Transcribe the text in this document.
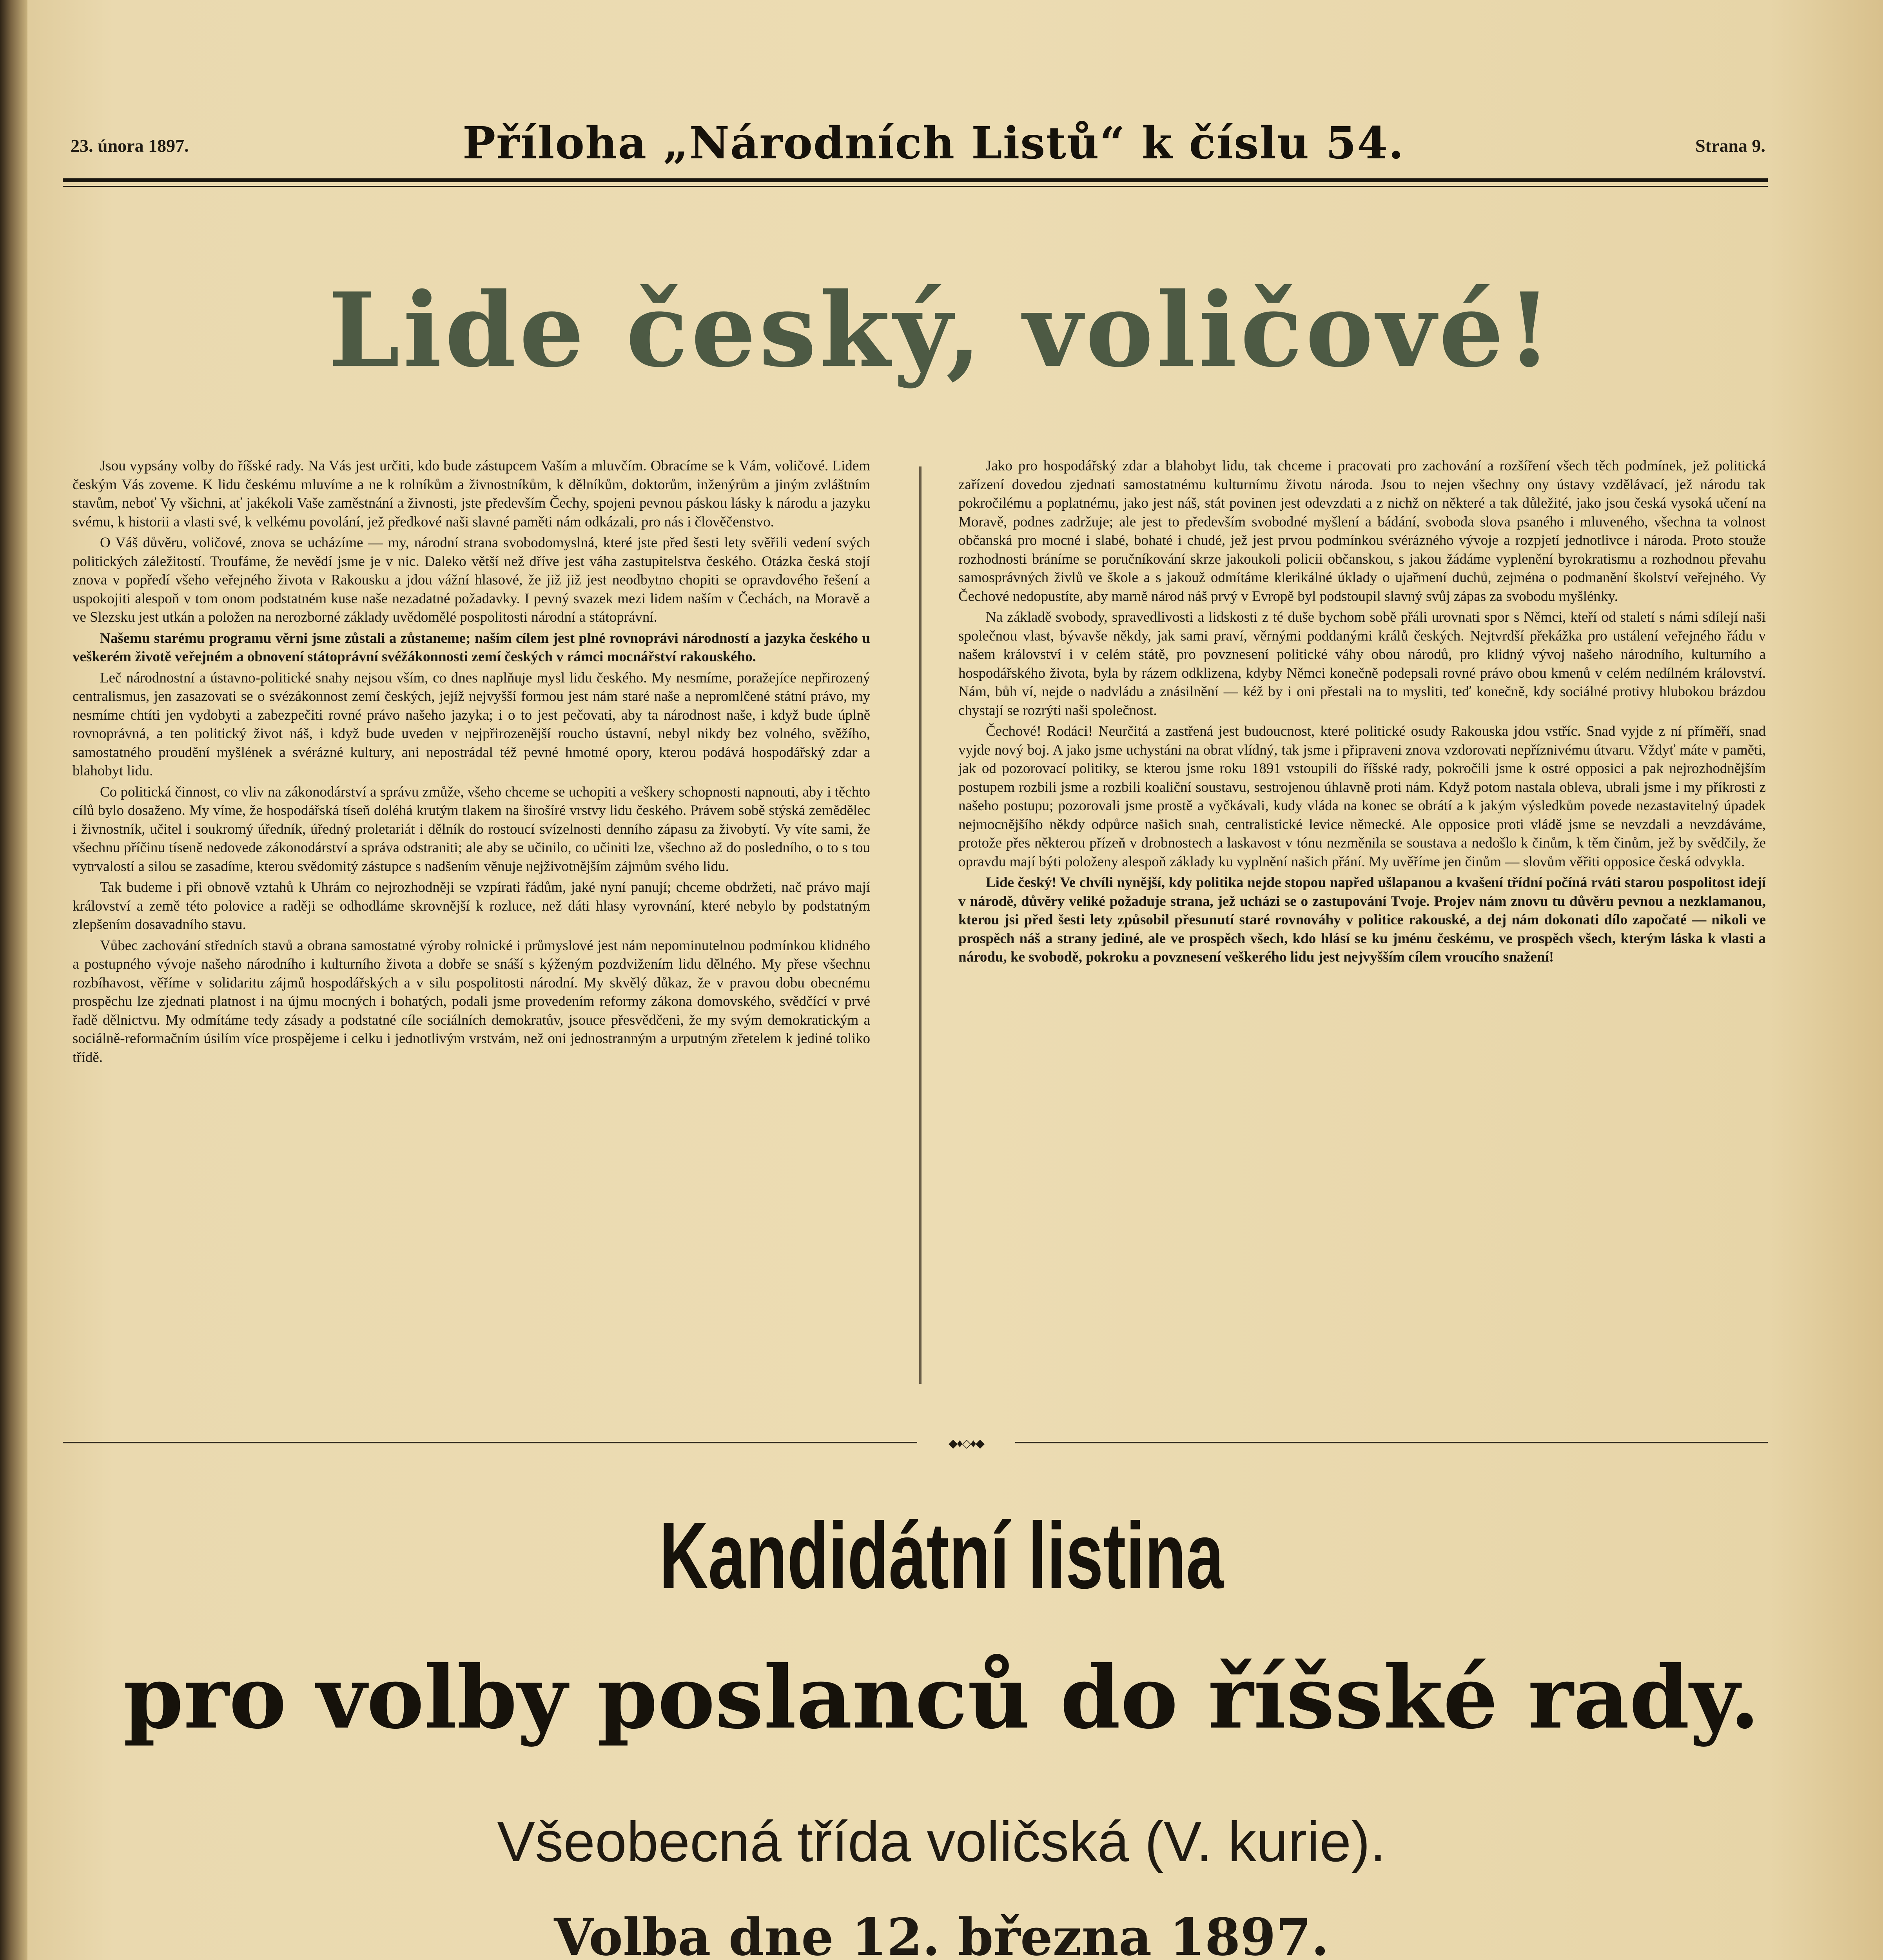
23. února 1897.	Příloha „Národních Listů“ k číslu 54.	Strana 9.
Lide český, voličové!

Jsou vypsány volby do říšské rady. Na Vás jest určiti, kdo bude zástupcem Vaším a mluvčím. Obracíme se k Vám, voličové. Lidem českým Vás zoveme. K lidu českému mluvíme a ne k rolníkům a živnostníkům, k dělníkům, doktorům, inženýrům a jiným zvláštním stavům, neboť Vy všichni, ať jakékoli Vaše zaměstnání a živnosti, jste především Čechy, spojeni pevnou páskou lásky k národu a jazyku svému, k historii a vlasti své, k velkému povolání, jež předkové naši slavné paměti nám odkázali, pro nás i člověčenstvo.

O Váš důvěru, voličové, znova se ucházíme — my, národní strana svobodomyslná, které jste před šesti lety svěřili vedení svých politických záležitostí. Troufáme, že nevědí jsme je v nic. Daleko větší než dříve jest váha zastupitelstva českého. Otázka česká stojí znova v popředí všeho veřejného života v Rakousku a jdou vážní hlasové, že již již jest neodbytno chopiti se opravdového řešení a uspokojiti alespoň v tom onom podstatném kuse naše nezadatné požadavky. I pevný svazek mezi lidem naším v Čechách, na Moravě a ve Slezsku jest utkán a položen na nerozborné základy uvědomělé pospolitosti národní a státoprávní.

Našemu starému programu věrni jsme zůstali a zůstaneme; naším cílem jest plné rovnoprávi národností a jazyka českého u veškerém životě veřejném a obnovení státoprávní svéžákonnosti zemí českých v rámci mocnářství rakouského.

Leč národnostní a ústavno-politické snahy nejsou vším, co dnes naplňuje mysl lidu českého. My nesmíme, poražejíce nepřirozený centralismus, jen zasazovati se o svézákonnost zemí českých, jejíž nejvyšší formou jest nám staré naše a nepromlčené státní právo, my nesmíme chtíti jen vydobyti a zabezpečiti rovné právo našeho jazyka; i o to jest pečovati, aby ta národnost naše, i když bude úplně rovnoprávná, a ten politický život náš, i když bude uveden v nejpřirozenější roucho ústavní, nebyl nikdy bez volného, svěžího, samostatného proudění myšlének a svérázné kultury, ani nepostrádal též pevné hmotné opory, kterou podává hospodářský zdar a blahobyt lidu.

Co politická činnost, co vliv na zákonodárství a správu zmůže, všeho chceme se uchopiti a veškery schopnosti napnouti, aby i těchto cílů bylo dosaženo. My víme, že hospodářská tíseň doléhá krutým tlakem na širošíré vrstvy lidu českého. Právem sobě stýská zemědělec i živnostník, učitel i soukromý úředník, úředný proletariát i dělník do rostoucí svízelnosti denního zápasu za živobytí. Vy víte sami, že všechnu příčinu tíseně nedovede zákonodárství a správa odstraniti; ale aby se učinilo, co učiniti lze, všechno až do posledního, o to s tou vytrvalostí a silou se zasadíme, kterou svědomitý zástupce s nadšením věnuje nejživotnějším zájmům svého lidu.

Tak budeme i při obnově vztahů k Uhrám co nejrozhodněji se vzpírati řádům, jaké nyní panují; chceme obdržeti, nač právo mají království a země této polovice a raději se odhodláme skrovnější k rozluce, než dáti hlasy vyrovnání, které nebylo by podstatným zlepšením dosavadního stavu.

Vůbec zachování středních stavů a obrana samostatné výroby rolnické i průmyslové jest nám nepominutelnou podmínkou klidného a postupného vývoje našeho národního i kulturního života a dobře se snáší s kýženým pozdvižením lidu dělného. My přese všechnu rozbíhavost, věříme v solidaritu zájmů hospodářských a v silu pospolitosti národní. My skvělý důkaz, že v pravou dobu obecnému prospěchu lze zjednati platnost i na újmu mocných i bohatých, podali jsme provedením reformy zákona domovského, svědčící v prvé řadě dělnictvu. My odmítáme tedy zásady a podstatné cíle sociálních demokratův, jsouce přesvědčeni, že my svým demokratickým a sociálně-reformačním úsilím více prospějeme i celku i jednotlivým vrstvám, než oni jednostranným a urputným zřetelem k jediné toliko třídě.

Jako pro hospodářský zdar a blahobyt lidu, tak chceme i pracovati pro zachování a rozšíření všech těch podmínek, jež politická zařízení dovedou zjednati samostatnému kulturnímu životu národa. Jsou to nejen všechny ony ústavy vzdělávací, jež národu tak pokročilému a poplatnému, jako jest náš, stát povinen jest odevzdati a z nichž on některé a tak důležité, jako jsou česká vysoká učení na Moravě, podnes zadržuje; ale jest to především svobodné myšlení a bádání, svoboda slova psaného i mluveného, všechna ta volnost občanská pro mocné i slabé, bohaté i chudé, jež jest prvou podmínkou svérázného vývoje a rozpjetí jednotlivce i národa. Proto stouže rozhodnosti bráníme se poručníkování skrze jakoukoli policii občanskou, s jakou žádáme vyplenění byrokratismu a rozhodnou převahu samosprávných živlů ve škole a s jakouž odmítáme klerikálné úklady o ujařmení duchů, zejména o podmanění školství veřejného. Vy Čechové nedopustíte, aby marně národ náš prvý v Evropě byl podstoupil slavný svůj zápas za svobodu myšlénky.

Na základě svobody, spravedlivosti a lidskosti z té duše bychom sobě přáli urovnati spor s Němci, kteří od staletí s námi sdílejí naši společnou vlast, bývavše někdy, jak sami praví, věrnými poddanými králů českých. Nejtvrdší překážka pro ustálení veřejného řádu v našem království i v celém státě, pro povznesení politické váhy obou národů, pro klidný vývoj našeho národního, kulturního a hospodářského života, byla by rázem odklizena, kdyby Němci konečně podepsali rovné právo obou kmenů v celém nedílném království. Nám, bůh ví, nejde o nadvládu a znásilnění — kéž by i oni přestali na to mysliti, teď konečně, kdy sociálné protivy hlubokou brázdou chystají se rozrýti naši společnost.

Čechové! Rodáci! Neurčitá a zastřená jest budoucnost, které politické osudy Rakouska jdou vstříc. Snad vyjde z ní příměří, snad vyjde nový boj. A jako jsme uchystáni na obrat vlídný, tak jsme i připraveni znova vzdorovati nepříznivému útvaru. Vždyť máte v paměti, jak od pozorovací politiky, se kterou jsme roku 1891 vstoupili do říšské rady, pokročili jsme k ostré opposici a pak nejrozhodnějším postupem rozbili jsme a rozbili koaliční soustavu, sestrojenou úhlavně proti nám. Když potom nastala obleva, ubrali jsme i my příkrosti z našeho postupu; pozorovali jsme prostě a vyčkávali, kudy vláda na konec se obrátí a k jakým výsledkům povede nezastavitelný úpadek nejmocnějšího někdy odpůrce našich snah, centralistické levice německé. Ale opposice proti vládě jsme se nevzdali a nevzdáváme, protože přes některou přízeň v drobnostech a laskavost v tónu nezměnila se soustava a nedošlo k činům, k těm činům, jež by svědčily, že opravdu mají býti položeny alespoň základy ku vyplnění našich přání. My uvěříme jen činům — slovům věřiti opposice česká odvykla.

Lide český! Ve chvíli nynější, kdy politika nejde stopou napřed ušlapanou a kvašení třídní počíná rváti starou pospolitost idejí v národě, důvěry veliké požaduje strana, jež ucházi se o zastupování Tvoje. Projev nám znovu tu důvěru pevnou a nezklamanou, kterou jsi před šesti lety způsobil přesunutí staré rovnováhy v politice rakouské, a dej nám dokonati dílo započaté — nikoli ve prospěch náš a strany jediné, ale ve prospěch všech, kdo hlásí se ku jménu českému, ve prospěch všech, kterým láska k vlasti a národu, ke svobodě, pokroku a povznesení veškerého lidu jest nejvyšším cílem vroucího snažení!

◆♦◇♦◆
Kandidátní listina
pro volby poslanců do říšské rady.
Všeobecná třída voličská (V. kurie).
Volba dne 12. března 1897.
